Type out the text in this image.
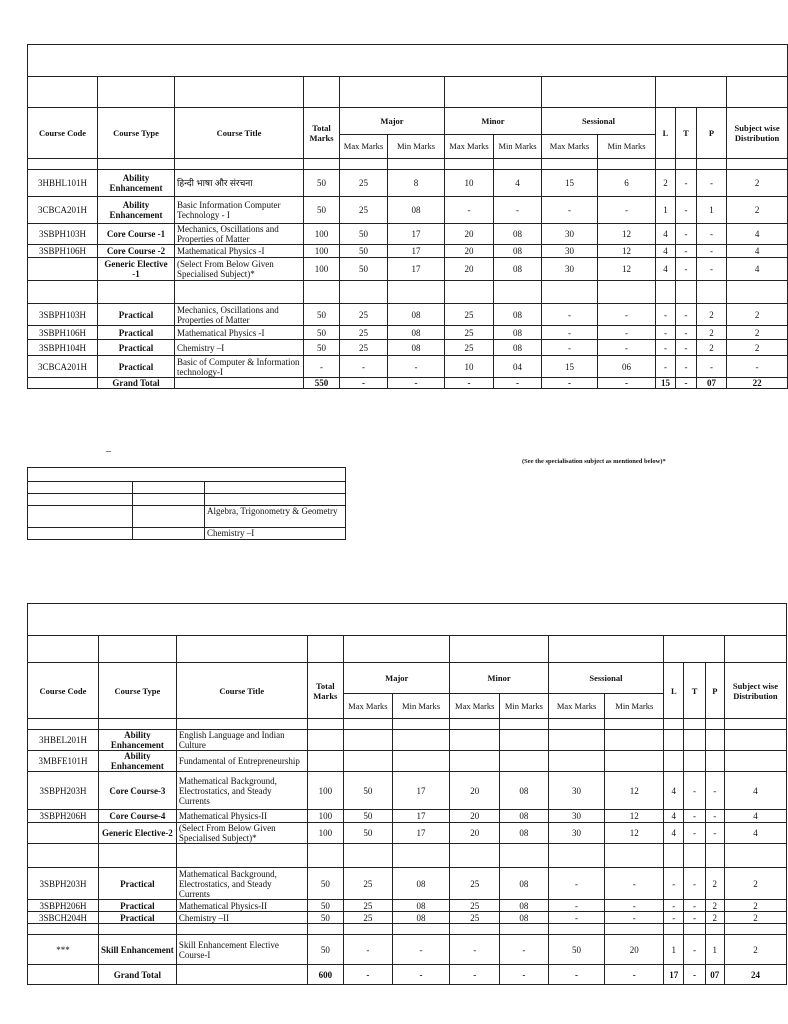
Course Code	Course Type	Course Title	Total Marks	Major		Minor		Sessional		L	T	P	Subject wise Distribution
				Max Marks	Min Marks	Max Marks	Min Marks	Max Marks	Min Marks				

3HBHL101H	Ability Enhancement	हिन्दी भाषा और संरचना	50	25	8	10	4	15	6	2	-	-	2
3CBCA201H	Ability Enhancement	Basic Information Computer Technology - I	50	25	08	-	-	-	-	1	-	1	2
3SBPH103H	Core Course -1	Mechanics, Oscillations and Properties of Matter	100	50	17	20	08	30	12	4	-	-	4
3SBPH106H	Core Course -2	Mathematical Physics -I	100	50	17	20	08	30	12	4	-	-	4
	Generic Elective -1	(Select From Below Given Specialised Subject)*	100	50	17	20	08	30	12	4	-	-	4

3SBPH103H	Practical	Mechanics, Oscillations and Properties of Matter	50	25	08	25	08	-	-	-	-	2	2
3SBPH106H	Practical	Mathematical Physics -I	50	25	08	25	08	-	-	-	-	2	2
3SBPH104H	Practical	Chemistry –I	50	25	08	25	08	-	-	-	-	2	2
3CBCA201H	Practical	Basic of Computer & Information technology-I	-	-	-	10	04	15	06	-	-	-	-
	Grand Total		550	-	-	-	-	-	-	15	-	07	22
–
(See the specialisation subject as mentioned below)*

		Algebra, Trigonometry & Geometry
		Chemistry –I

Course Code	Course Type	Course Title	Total Marks	Major		Minor		Sessional		L	T	P	Subject wise Distribution
				Max Marks	Min Marks	Max Marks	Min Marks	Max Marks	Min Marks				

3HBEL201H	Ability Enhancement	English Language and Indian Culture											
3MBFE101H	Ability Enhancement	Fundamental of Entrepreneurship											
3SBPH203H	Core Course-3	Mathematical Background, Electrostatics, and Steady Currents	100	50	17	20	08	30	12	4	-	-	4
3SBPH206H	Core Course-4	Mathematical Physics-II	100	50	17	20	08	30	12	4	-	-	4
	Generic Elective-2	(Select From Below Given Specialised Subject)*	100	50	17	20	08	30	12	4	-	-	4

3SBPH203H	Practical	Mathematical Background, Electrostatics, and Steady Currents	50	25	08	25	08	-	-	-	-	2	2
3SBPH206H	Practical	Mathematical Physics-II	50	25	08	25	08	-	-	-	-	2	2
3SBCH204H	Practical	Chemistry –II	50	25	08	25	08	-	-	-	-	2	2

***	Skill Enhancement	Skill Enhancement Elective Course-I	50	-	-	-	-	50	20	1	-	1	2
	Grand Total		600	-	-	-	-	-	-	17	-	07	24
